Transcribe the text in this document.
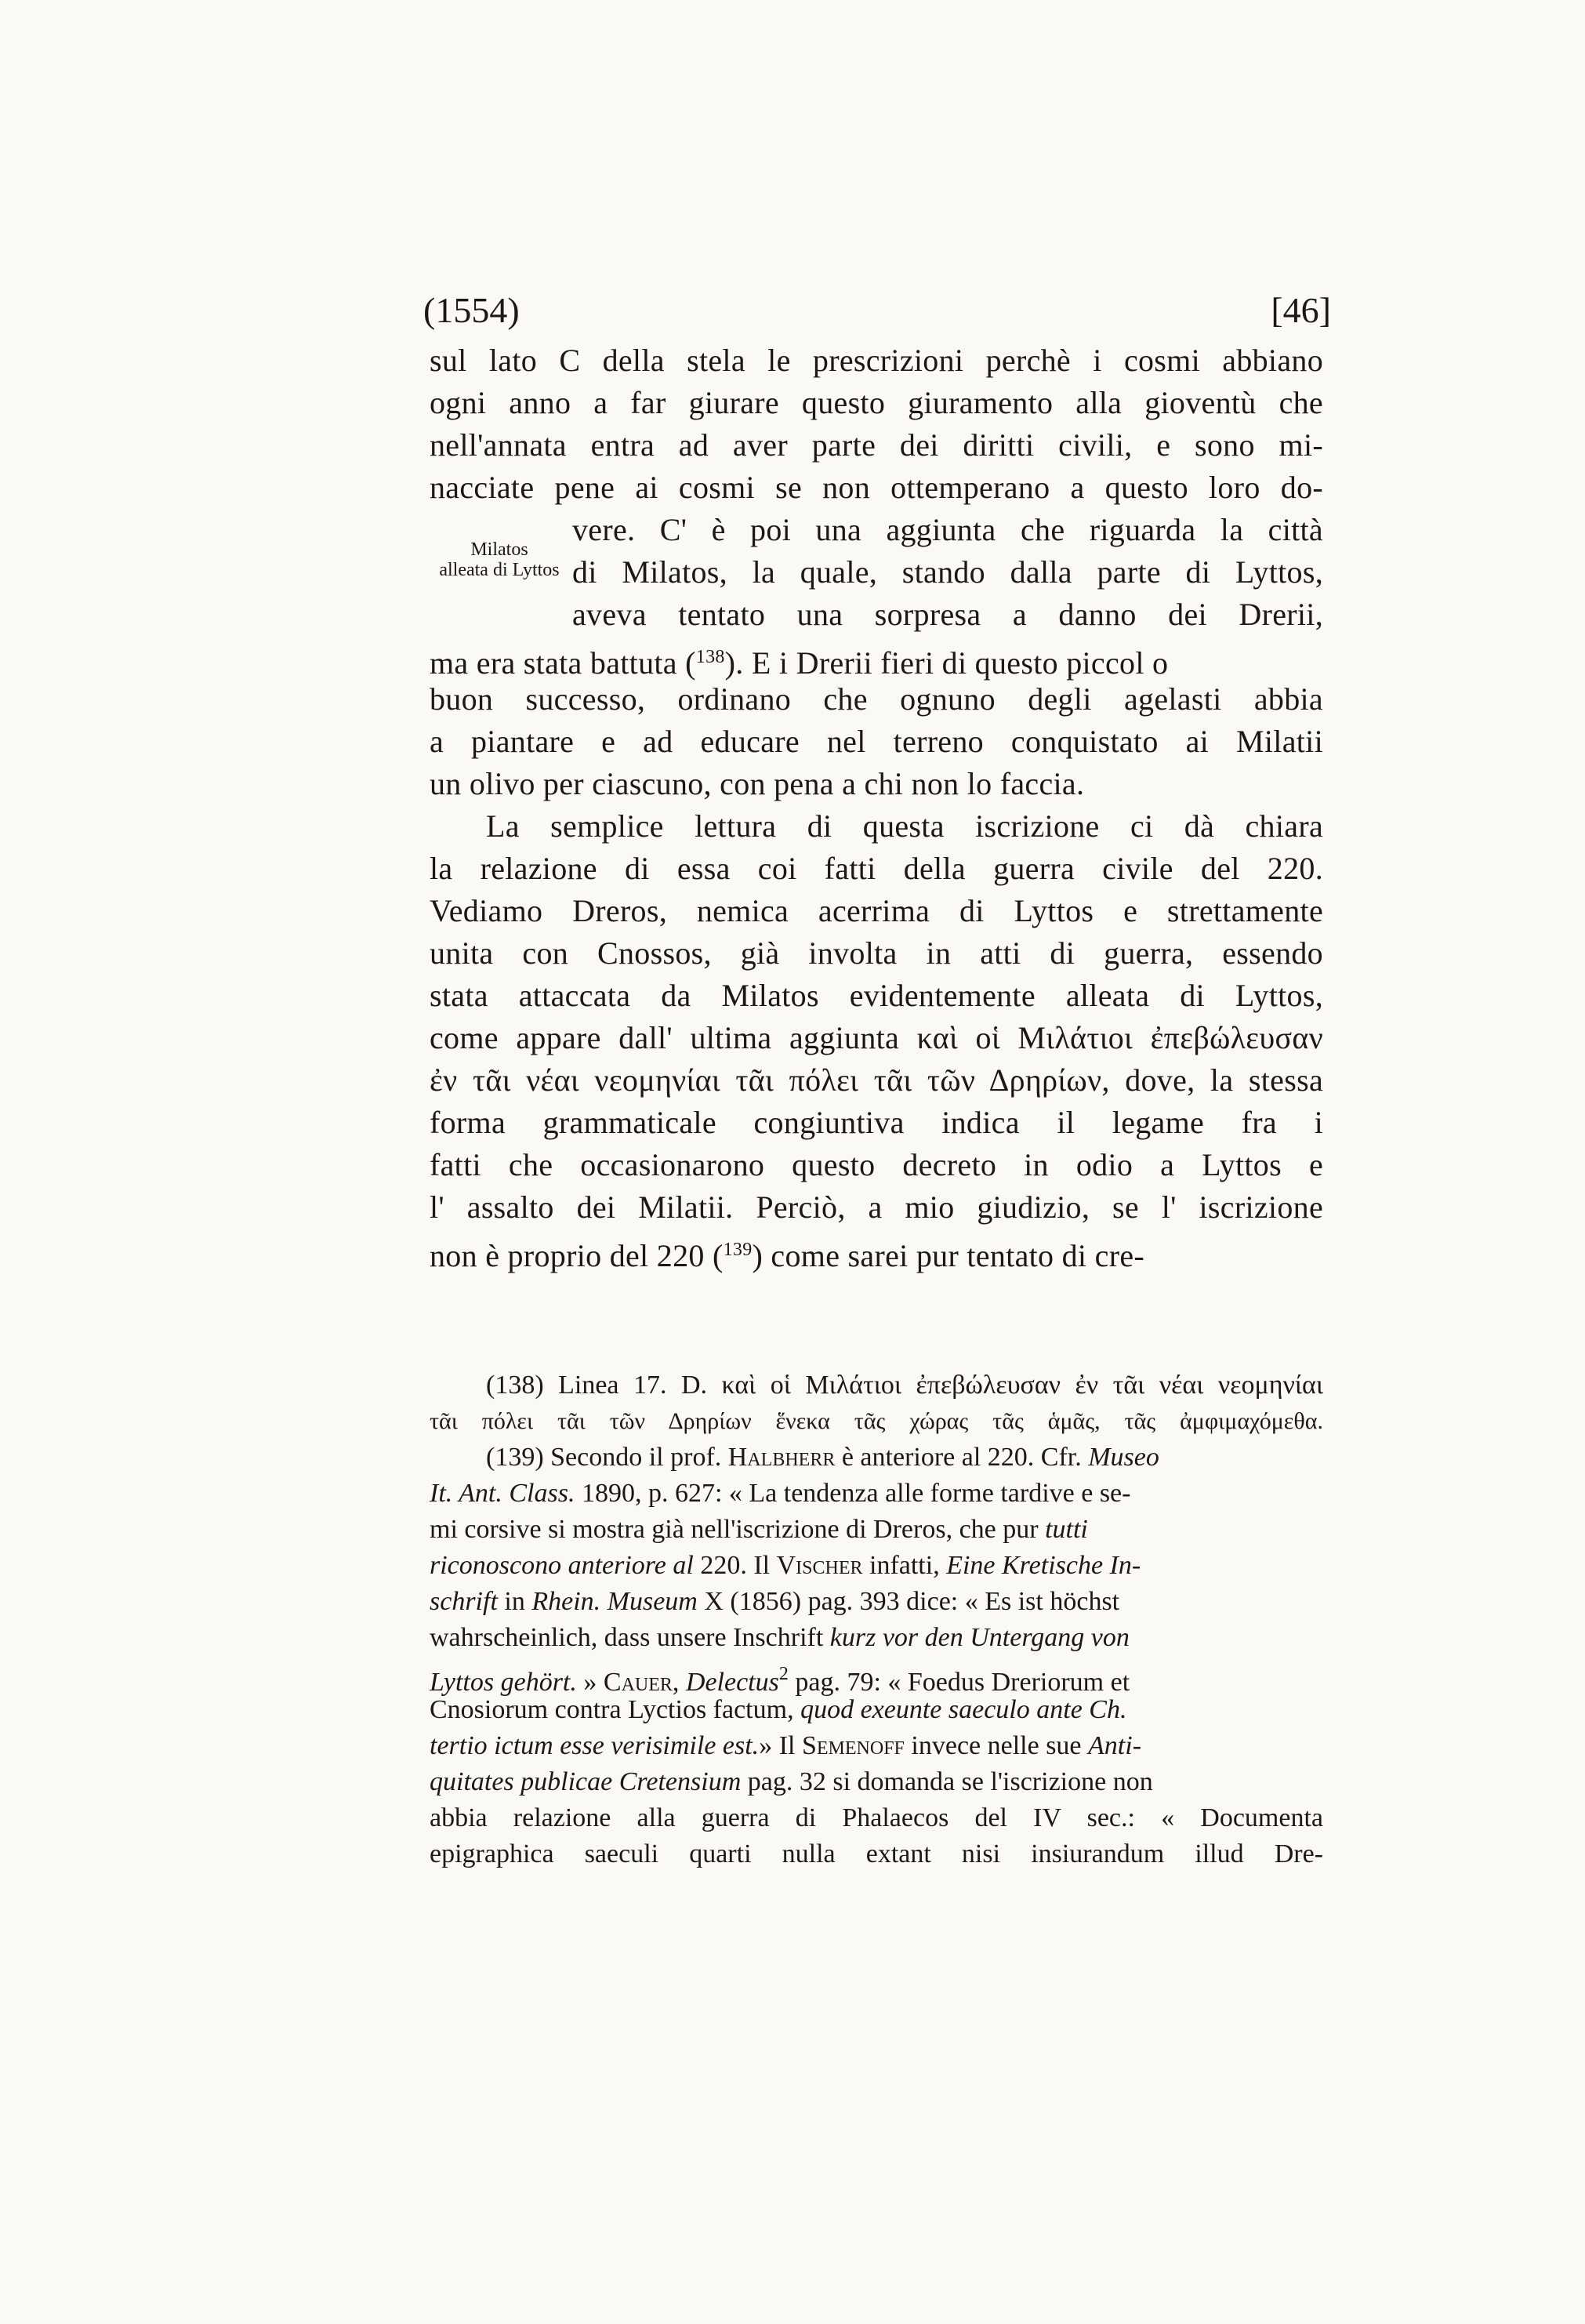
(1554)	[46]
Milatos
alleata di Lyttos
sul lato C della stela le prescrizioni perchè i cosmi abbiano
ogni anno a far giurare questo giuramento alla gioventù che
nell'annata entra ad aver parte dei diritti civili, e sono mi-
nacciate pene ai cosmi se non ottemperano a questo loro do-
vere. C' è poi una aggiunta che riguarda la città
di Milatos, la quale, stando dalla parte di Lyttos,
aveva tentato una sorpresa a danno dei Drerii,
ma era stata battuta ($^{138}$). E i Drerii fieri di questo piccol o
buon successo, ordinano che ognuno degli agelasti abbia
a piantare e ad educare nel terreno conquistato ai Milatii
un olivo per ciascuno, con pena a chi non lo faccia.
La semplice lettura di questa iscrizione ci dà chiara
la relazione di essa coi fatti della guerra civile del 220.
Vediamo Dreros, nemica acerrima di Lyttos e strettamente
unita con Cnossos, già involta in atti di guerra, essendo
stata attaccata da Milatos evidentemente alleata di Lyttos,
come appare dall' ultima aggiunta καὶ οἱ Μιλάτιοι ἐπεβώλευσαν
ἐν τᾶι νέαι νεομηνίαι τᾶι πόλει τᾶι τῶν Δρηρίων, dove, la stessa
forma grammaticale congiuntiva indica il legame fra i
fatti che occasionarono questo decreto in odio a Lyttos e
l' assalto dei Milatii. Perciò, a mio giudizio, se l' iscrizione
non è proprio del 220 ($^{139}$) come sarei pur tentato di cre-
(138) Linea 17. D. καὶ οἱ Μιλάτιοι ἐπεβώλευσαν ἐν τᾶι νέαι νεομηνίαι
τᾶι πόλει τᾶι τῶν Δρηρίων ἕνεκα τᾶς χώρας τᾶς ἁμᾶς, τᾶς ἀμφιμαχόμεθα.
(139) Secondo il prof. Halbherr è anteriore al 220. Cfr. Museo
It. Ant. Class. 1890, p. 627: « La tendenza alle forme tardive e se-
mi corsive si mostra già nell'iscrizione di Dreros, che pur tutti
riconoscono anteriore al 220. Il Vischer infatti, Eine Kretische In-
schrift in Rhein. Museum X (1856) pag. 393 dice: « Es ist höchst
wahrscheinlich, dass unsere Inschrift kurz vor den Untergang von
Lyttos gehört. » Cauer, Delectus$^2$ pag. 79: « Foedus Dreriorum et
Cnosiorum contra Lyctios factum, quod exeunte saeculo ante Ch.
tertio ictum esse verisimile est.» Il Semenoff invece nelle sue Anti-
quitates publicae Cretensium pag. 32 si domanda se l'iscrizione non
abbia relazione alla guerra di Phalaecos del IV sec.: « Documenta
epigraphica saeculi quarti nulla extant nisi insiurandum illud Dre-
